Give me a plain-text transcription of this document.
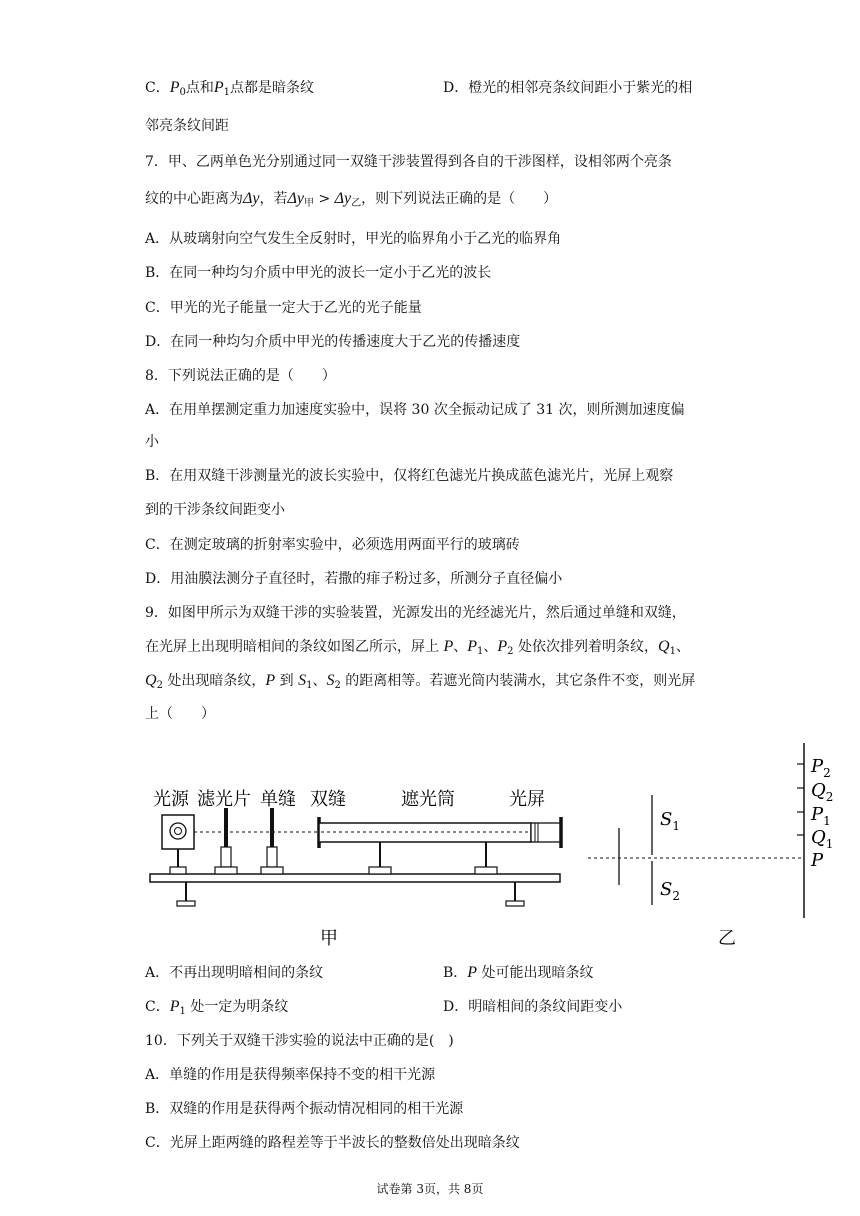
C．$P_0$点和$P_1$点都是暗条纹	D．橙光的相邻亮条纹间距小于紫光的相
邻亮条纹间距
7．甲、乙两单色光分别通过同一双缝干涉装置得到各自的干涉图样，设相邻两个亮条
纹的中心距离为Δy，若$\Delta y_甲 > \Delta y_乙$，则下列说法正确的是（　　）
A．从玻璃射向空气发生全反射时，甲光的临界角小于乙光的临界角
B．在同一种均匀介质中甲光的波长一定小于乙光的波长
C．甲光的光子能量一定大于乙光的光子能量
D．在同一种均匀介质中甲光的传播速度大于乙光的传播速度
8．下列说法正确的是（　　）
A．在用单摆测定重力加速度实验中，误将 30 次全振动记成了 31 次，则所测加速度偏
小
B．在用双缝干涉测量光的波长实验中，仅将红色滤光片换成蓝色滤光片，光屏上观察
到的干涉条纹间距变小
C．在测定玻璃的折射率实验中，必须选用两面平行的玻璃砖
D．用油膜法测分子直径时，若撒的痱子粉过多，所测分子直径偏小
9．如图甲所示为双缝干涉的实验装置，光源发出的光经滤光片，然后通过单缝和双缝，
在光屏上出现明暗相间的条纹如图乙所示，屏上 P、$P_1$、$P_2$ 处依次排列着明条纹，$Q_1$、
$Q_2$ 处出现暗条纹，P 到 $S_1$、$S_2$ 的距离相等。若遮光筒内装满水，其它条件不变，则光屏
上（　　）
光源 滤光片 单缝 双缝	遮光筒	光屏
甲
$S_1$
$S_2$
$P_2$
$Q_2$
$P_1$
$Q_1$
P
乙
A．不再出现明暗相间的条纹	B．P 处可能出现暗条纹
C．$P_1$ 处一定为明条纹	D．明暗相间的条纹间距变小
10．下列关于双缝干涉实验的说法中正确的是(　)
A．单缝的作用是获得频率保持不变的相干光源
B．双缝的作用是获得两个振动情况相同的相干光源
C．光屏上距两缝的路程差等于半波长的整数倍处出现暗条纹
试卷第 3页，共 8页
